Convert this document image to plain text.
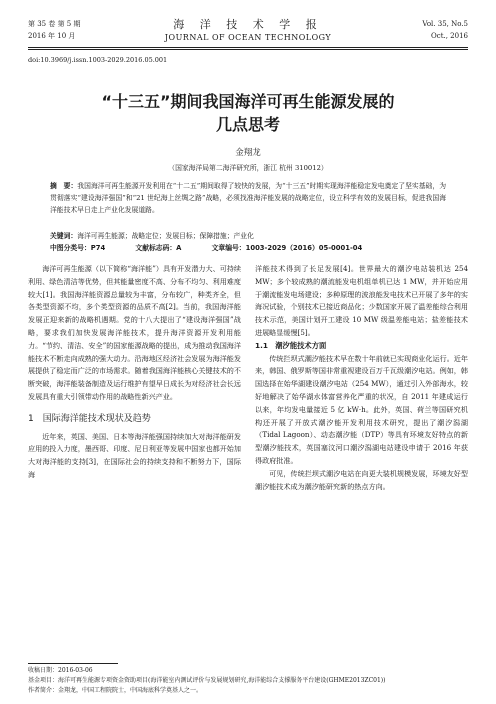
第 35 卷 第 5 期
2016 年 10 月
海 洋 技 术 学 报
JOURNAL OF OCEAN TECHNOLOGY
Vol. 35, No.5
Oct., 2016
doi:10.3969/j.issn.1003-2029.2016.05.001
“十三五”期间我国海洋可再生能源发展的
几点思考
金翔龙
（国家海洋局第二海洋研究所，浙江 杭州 310012）
摘　要：我国海洋可再生能源开发利用在“十二五”期间取得了较快的发展，为“十三五”时期实现海洋能稳定发电奠定了坚实基础，为贯彻落实“建设海洋强国”和“21 世纪海上丝绸之路”战略，必须找准海洋能发展的战略定位，设立科学有效的发展目标，促进我国海洋能技术早日走上产业化发展道路。
关键词：海洋可再生能源；战略定位；发展目标；保障措施；产业化
中图分类号：P74	文献标志码：A	文章编号：1003-2029（2016）05-0001-04

海洋可再生能源（以下简称“海洋能”）具有开发潜力大、可持续利用、绿色清洁等优势，但其能量密度不高、分布不均匀、利用难度较大[1]。我国海洋能资源总量较为丰富，分布较广，种类齐全，但各类型资源不均，多个类型资源的品质不高[2]。当前，我国海洋能发展正迎来新的战略机遇期。党的十八大提出了“建设海洋强国”战略，要求我们加快发展海洋能技术，提升海洋资源开发利用能力。“节约、清洁、安全”的国家能源战略的提出，成为推动我国海洋能技术不断走向成熟的强大动力。沿海地区经济社会发展为海洋能发展提供了稳定而广泛的市场需求。随着我国海洋能核心关键技术的不断突破，海洋能装备制造及运行维护有望早日成长为对经济社会长远发展具有重大引领带动作用的战略性新兴产业。

1　国际海洋能技术现状及趋势

近年来，英国、美国、日本等海洋能强国持续加大对海洋能研发应用的投入力度，墨西哥、印度、尼日利亚等发展中国家也都开始加大对海洋能的支持[3]，在国际社会的持续支持和不断努力下，国际海

洋能技术得到了长足发展[4]。世界最大的潮汐电站装机达 254 MW；多个较成熟的潮流能发电机组单机已达 1 MW，并开始应用于潮流能发电场建设；多种原理的波浪能发电技术已开展了多年的实海况试验，个别技术已接近商品化；少数国家开展了温差能综合利用技术示范，美国计划开工建设 10 MW 级温差能电站；盐差能技术进展略显缓慢[5]。

1.1　潮汐能技术方面

传统拦坝式潮汐能技术早在数十年前就已实现商业化运行。近年来，韩国、俄罗斯等国非常重视建设百万千瓦级潮汐电站。例如，韩国选择在始华湖建设潮汐电站（254 MW），通过引入外部海水，较好地解决了始华湖水体富营养化严重的状况，自 2011 年建成运行以来，年均发电量接近 5 亿 kW·h。此外，英国、荷兰等国研究机构还开展了开放式潮汐能开发利用技术研究，提出了潮汐潟湖（Tidal Lagoon）、动态潮汐能（DTP）等具有环境友好特点的新型潮汐能技术，英国塞汶河口潮汐潟湖电站建设申请于 2016 年获得政府批准。

可见，传统拦坝式潮汐电站在向更大装机规模发展，环境友好型潮汐能技术成为潮汐能研究新的热点方向。

收稿日期：2016-03-06
基金项目：海洋可再生能源专项资金资助项目(海洋能室内测试评价与发展规划研究,海洋能综合支撑服务平台建设(GHME2013ZC01))
作者简介：金翔龙，中国工程院院士，中国海底科学奠基人之一。
